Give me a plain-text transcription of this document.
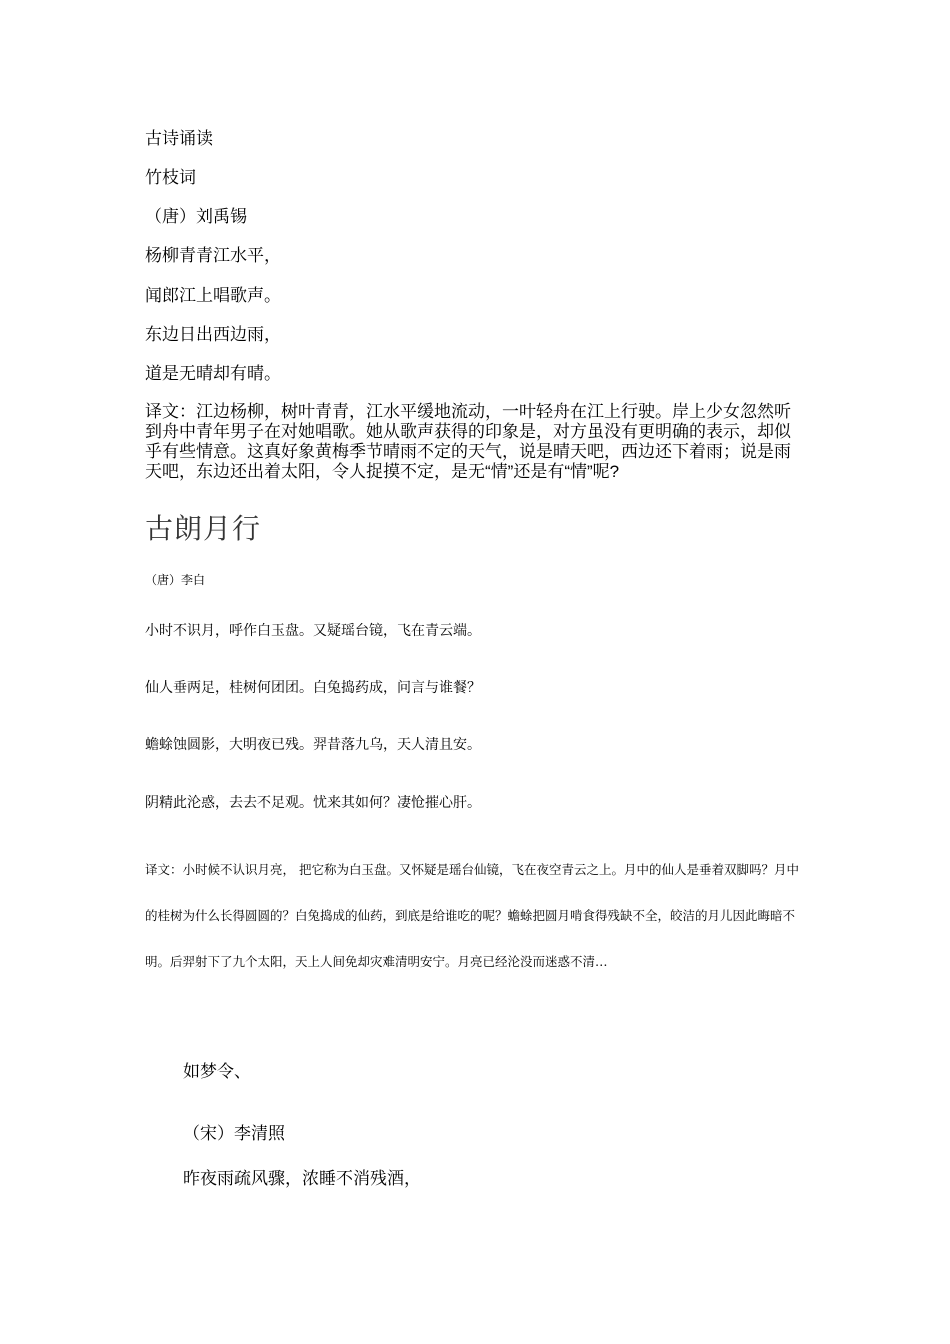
古诗诵读

竹枝词

（唐）刘禹锡

杨柳青青江水平，

闻郎江上唱歌声。

东边日出西边雨，

道是无晴却有晴。

译文：江边杨柳，树叶青青，江水平缓地流动，一叶轻舟在江上行驶。岸上少女忽然听到舟中青年男子在对她唱歌。她从歌声获得的印象是，对方虽没有更明确的表示，却似乎有些情意。这真好象黄梅季节晴雨不定的天气，说是晴天吧，西边还下着雨；说是雨天吧，东边还出着太阳，令人捉摸不定，是无“情”还是有“情”呢?

古朗月行

（唐）李白

小时不识月，呼作白玉盘。又疑瑶台镜，飞在青云端。

仙人垂两足，桂树何团团。白兔捣药成，问言与谁餐？

蟾蜍蚀圆影，大明夜已残。羿昔落九乌，天人清且安。

阴精此沦惑，去去不足观。忧来其如何？凄怆摧心肝。

译文：小时候不认识月亮， 把它称为白玉盘。又怀疑是瑶台仙镜，飞在夜空青云之上。月中的仙人是垂着双脚吗？月中的桂树为什么长得圆圆的？白兔捣成的仙药，到底是给谁吃的呢？蟾蜍把圆月啃食得残缺不全，皎洁的月儿因此晦暗不明。后羿射下了九个太阳，天上人间免却灾难清明安宁。月亮已经沦没而迷惑不清…

如梦令、

（宋）李清照

昨夜雨疏风骤，浓睡不消残酒，
